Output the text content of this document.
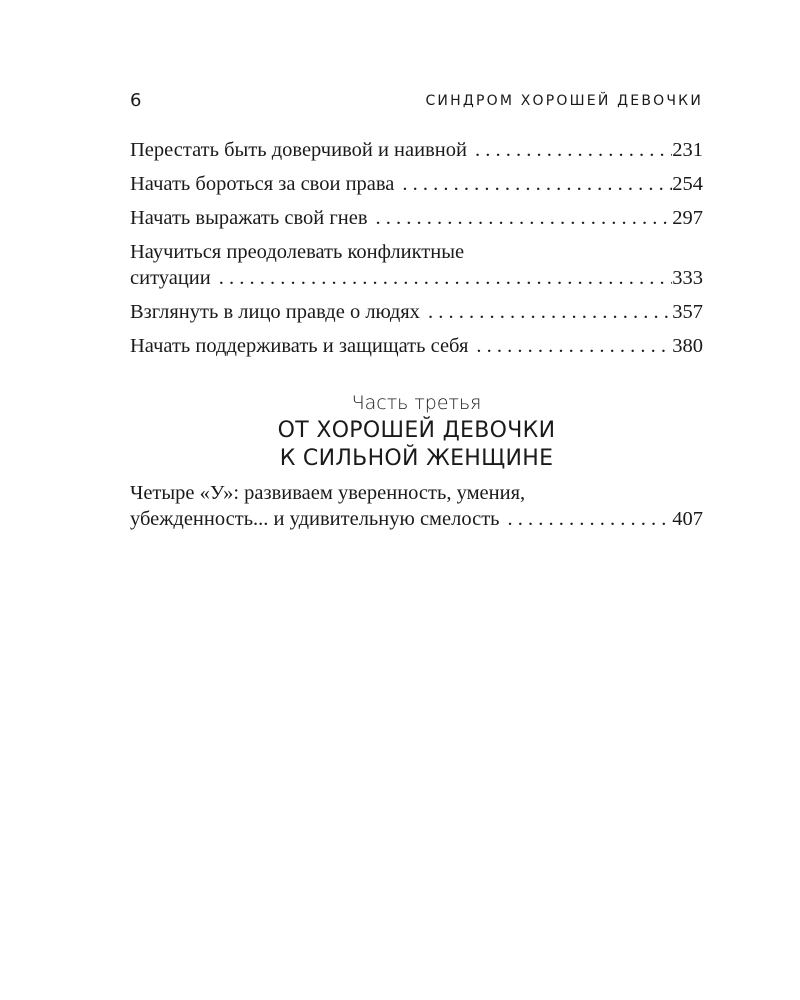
6	СИНДРОМ ХОРОШЕЙ ДЕВОЧКИ
Перестать быть доверчивой и наивной . . .	231
Начать бороться за свои права . . .	254
Начать выражать свой гнев . . .	297
Научиться преодолевать конфликтные
ситуации . . .	333
Взглянуть в лицо правде о людях . . .	357
Начать поддерживать и защищать себя . . .	380
Часть третья
ОТ ХОРОШЕЙ ДЕВОЧКИ
К СИЛЬНОЙ ЖЕНЩИНЕ
Четыре «У»: развиваем уверенность, умения,
убежденность... и удивительную смелость . . .	407
